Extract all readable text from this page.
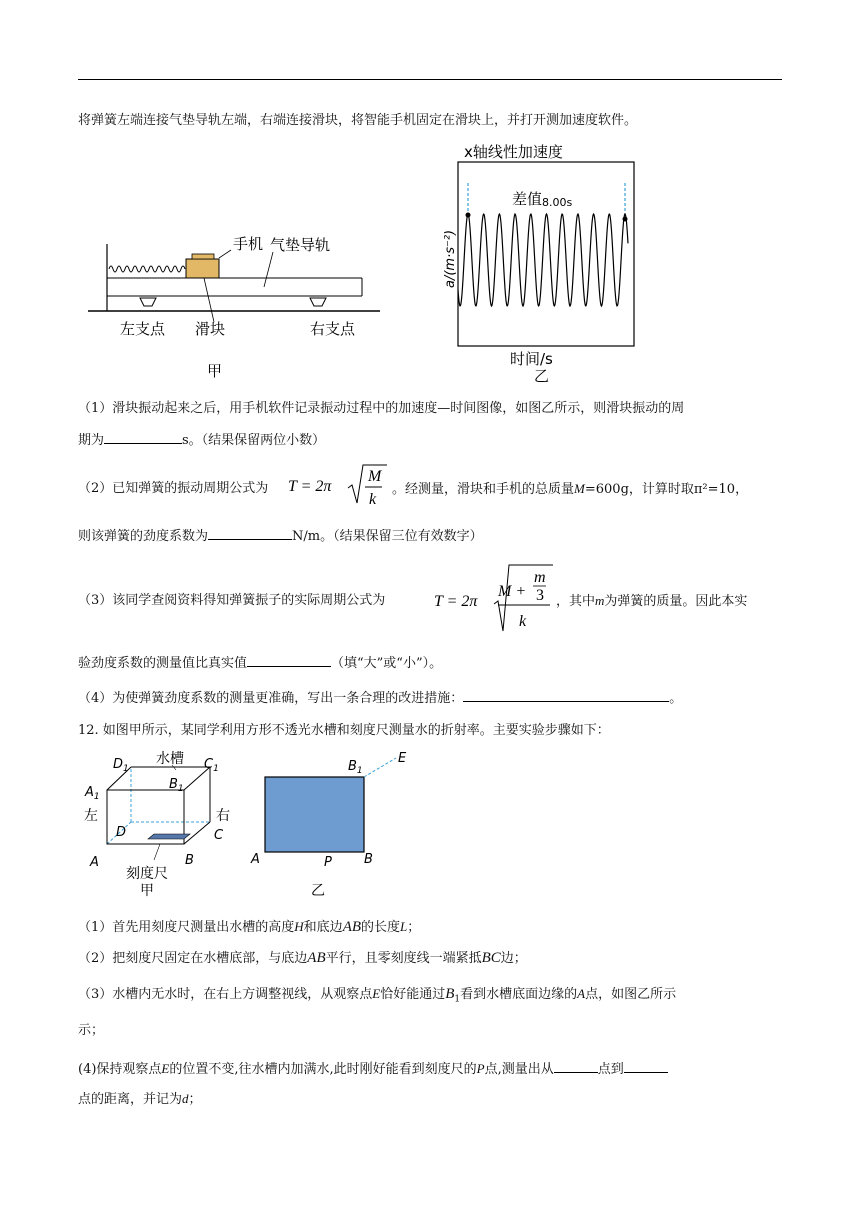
将弹簧左端连接气垫导轨左端，右端连接滑块，将智能手机固定在滑块上，并打开测加速度软件。
手机 气垫导轨
左支点 滑块	右支点
甲
x轴线性加速度
a/(m·s⁻²)
差值8.00s
时间/s
乙
（1）滑块振动起来之后，用手机软件记录振动过程中的加速度—时间图像，如图乙所示，则滑块振动的周
期为	s。（结果保留两位小数）
（2）已知弹簧的振动周期公式为 T = 2π
M
k
。经测量，滑块和手机的总质量M=600g，计算时取π²=10，
则该弹簧的劲度系数为	N/m。（结果保留三位有效数字）
（3）该同学查阅资料得知弹簧振子的实际周期公式为	T = 2π
M +
m
3
k
，其中m为弹簧的质量。因此本实
验劲度系数的测量值比真实值	（填“大”或“小”）。
（4）为使弹簧劲度系数的测量更准确，写出一条合理的改进措施：	。
12. 如图甲所示，某同学利用方形不透光水槽和刻度尺测量水的折射率。主要实验步骤如下：
水槽
$D_1$	$C_1$
$B_1$
$A_1$
左	右
D	C
A	B
刻度尺
甲
$B_1$
E
A	P B
乙
（1）首先用刻度尺测量出水槽的高度H和底边AB的长度L；
（2）把刻度尺固定在水槽底部，与底边AB平行，且零刻度线一端紧抵BC边；
（3）水槽内无水时，在右上方调整视线，从观察点E恰好能通过$B_1$看到水槽底面边缘的A点，如图乙所示
示；
(4)保持观察点E的位置不变,往水槽内加满水,此时刚好能看到刻度尺的P点,测量出从	点到
点的距离，并记为d；
